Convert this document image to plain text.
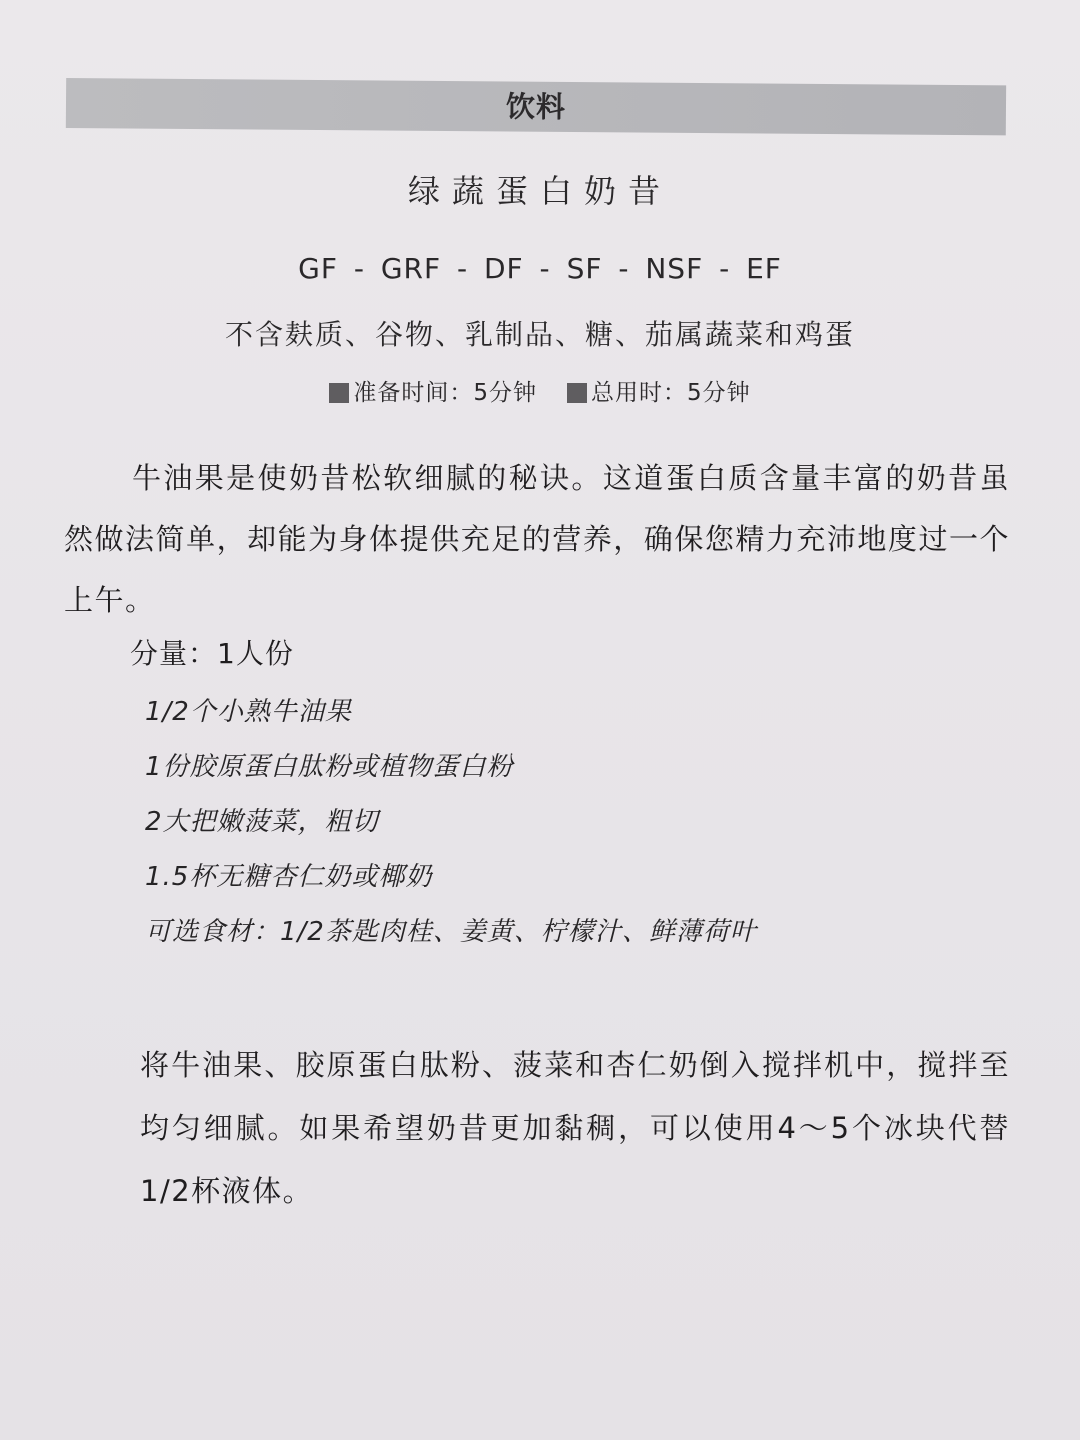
饮料
绿蔬蛋白奶昔
GF - GRF - DF - SF - NSF - EF
不含麸质、谷物、乳制品、糖、茄属蔬菜和鸡蛋
准备时间：5分钟 总用时：5分钟
牛油果是使奶昔松软细腻的秘诀。这道蛋白质含量丰富的奶昔虽然做法简单，却能为身体提供充足的营养，确保您精力充沛地度过一个上午。
分量：1人份
1/2个小熟牛油果
1份胶原蛋白肽粉或植物蛋白粉
2大把嫩菠菜，粗切
1.5杯无糖杏仁奶或椰奶
可选食材：1/2茶匙肉桂、姜黄、柠檬汁、鲜薄荷叶
将牛油果、胶原蛋白肽粉、菠菜和杏仁奶倒入搅拌机中，搅拌至均匀细腻。如果希望奶昔更加黏稠，可以使用4～5个冰块代替1/2杯液体。
